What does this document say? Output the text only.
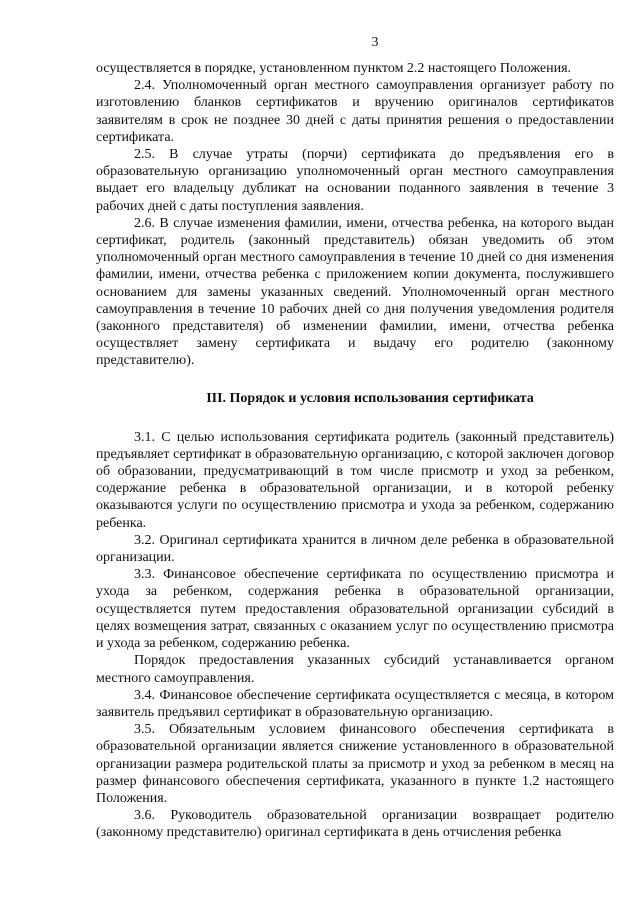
3

осуществляется в порядке, установленном пунктом 2.2 настоящего Положения.

2.4. Уполномоченный орган местного самоуправления организует работу по изготовлению бланков сертификатов и вручению оригиналов сертификатов заявителям в срок не позднее 30 дней с даты принятия решения о предоставлении сертификата.

2.5. В случае утраты (порчи) сертификата до предъявления его в образовательную организацию уполномоченный орган местного самоуправления выдает его владельцу дубликат на основании поданного заявления в течение 3 рабочих дней с даты поступления заявления.

2.6. В случае изменения фамилии, имени, отчества ребенка, на которого выдан сертификат, родитель (законный представитель) обязан уведомить об этом уполномоченный орган местного самоуправления в течение 10 дней со дня изменения фамилии, имени, отчества ребенка с приложением копии документа, послужившего основанием для замены указанных сведений. Уполномоченный орган местного самоуправления в течение 10 рабочих дней со дня получения уведомления родителя (законного представителя) об изменении фамилии, имени, отчества ребенка осуществляет замену сертификата и выдачу его родителю (законному представителю).

III. Порядок и условия использования сертификата

3.1. С целью использования сертификата родитель (законный представитель) предъявляет сертификат в образовательную организацию, с которой заключен договор об образовании, предусматривающий в том числе присмотр и уход за ребенком, содержание ребенка в образовательной организации, и в которой ребенку оказываются услуги по осуществлению присмотра и ухода за ребенком, содержанию ребенка.

3.2. Оригинал сертификата хранится в личном деле ребенка в образовательной организации.

3.3. Финансовое обеспечение сертификата по осуществлению присмотра и ухода за ребенком, содержания ребенка в образовательной организации, осуществляется путем предоставления образовательной организации субсидий в целях возмещения затрат, связанных с оказанием услуг по осуществлению присмотра и ухода за ребенком, содержанию ребенка.

Порядок предоставления указанных субсидий устанавливается органом местного самоуправления.

3.4. Финансовое обеспечение сертификата осуществляется с месяца, в котором заявитель предъявил сертификат в образовательную организацию.

3.5. Обязательным условием финансового обеспечения сертификата в образовательной организации является снижение установленного в образовательной организации размера родительской платы за присмотр и уход за ребенком в месяц на размер финансового обеспечения сертификата, указанного в пункте 1.2 настоящего Положения.

3.6. Руководитель образовательной организации возвращает родителю (законному представителю) оригинал сертификата в день отчисления ребенка
